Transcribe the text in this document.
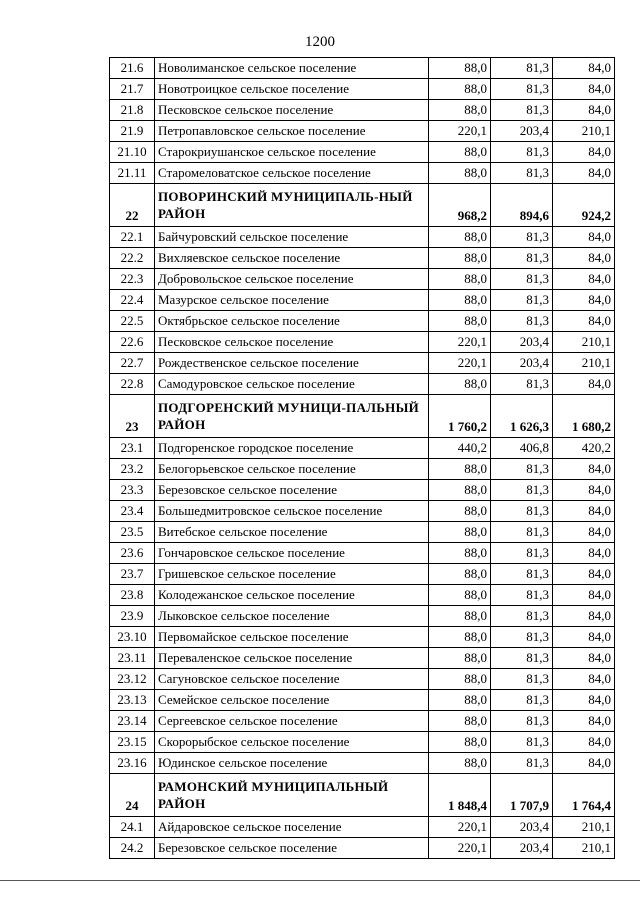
1200
21.6	Новолиманское сельское поселение	88,0	81,3	84,0
21.7	Новотроицкое сельское поселение	88,0	81,3	84,0
21.8	Песковское сельское поселение	88,0	81,3	84,0
21.9	Петропавловское сельское поселение	220,1	203,4	210,1
21.10	Старокриушанское сельское поселение	88,0	81,3	84,0
21.11	Старомеловатское сельское поселение	88,0	81,3	84,0
22	ПОВОРИНСКИЙ МУНИЦИПАЛЬ-НЫЙ РАЙОН	968,2	894,6	924,2
22.1	Байчуровский сельское поселение	88,0	81,3	84,0
22.2	Вихляевское сельское поселение	88,0	81,3	84,0
22.3	Добровольское сельское поселение	88,0	81,3	84,0
22.4	Мазурское сельское поселение	88,0	81,3	84,0
22.5	Октябрьское сельское поселение	88,0	81,3	84,0
22.6	Песковское сельское поселение	220,1	203,4	210,1
22.7	Рождественское сельское поселение	220,1	203,4	210,1
22.8	Самодуровское сельское поселение	88,0	81,3	84,0
23	ПОДГОРЕНСКИЙ МУНИЦИ-ПАЛЬНЫЙ РАЙОН	1 760,2	1 626,3	1 680,2
23.1	Подгоренское городское поселение	440,2	406,8	420,2
23.2	Белогорьевское сельское поселение	88,0	81,3	84,0
23.3	Березовское сельское поселение	88,0	81,3	84,0
23.4	Большедмитровское сельское поселение	88,0	81,3	84,0
23.5	Витебское сельское поселение	88,0	81,3	84,0
23.6	Гончаровское сельское поселение	88,0	81,3	84,0
23.7	Гришевское сельское поселение	88,0	81,3	84,0
23.8	Колодежанское сельское поселение	88,0	81,3	84,0
23.9	Лыковское сельское поселение	88,0	81,3	84,0
23.10	Первомайское сельское поселение	88,0	81,3	84,0
23.11	Переваленское сельское поселение	88,0	81,3	84,0
23.12	Сагуновское сельское поселение	88,0	81,3	84,0
23.13	Семейское сельское поселение	88,0	81,3	84,0
23.14	Сергеевское сельское поселение	88,0	81,3	84,0
23.15	Скорорыбское сельское поселение	88,0	81,3	84,0
23.16	Юдинское сельское поселение	88,0	81,3	84,0
24	РАМОНСКИЙ МУНИЦИПАЛЬНЫЙ РАЙОН	1 848,4	1 707,9	1 764,4
24.1	Айдаровское сельское поселение	220,1	203,4	210,1
24.2	Березовское сельское поселение	220,1	203,4	210,1
